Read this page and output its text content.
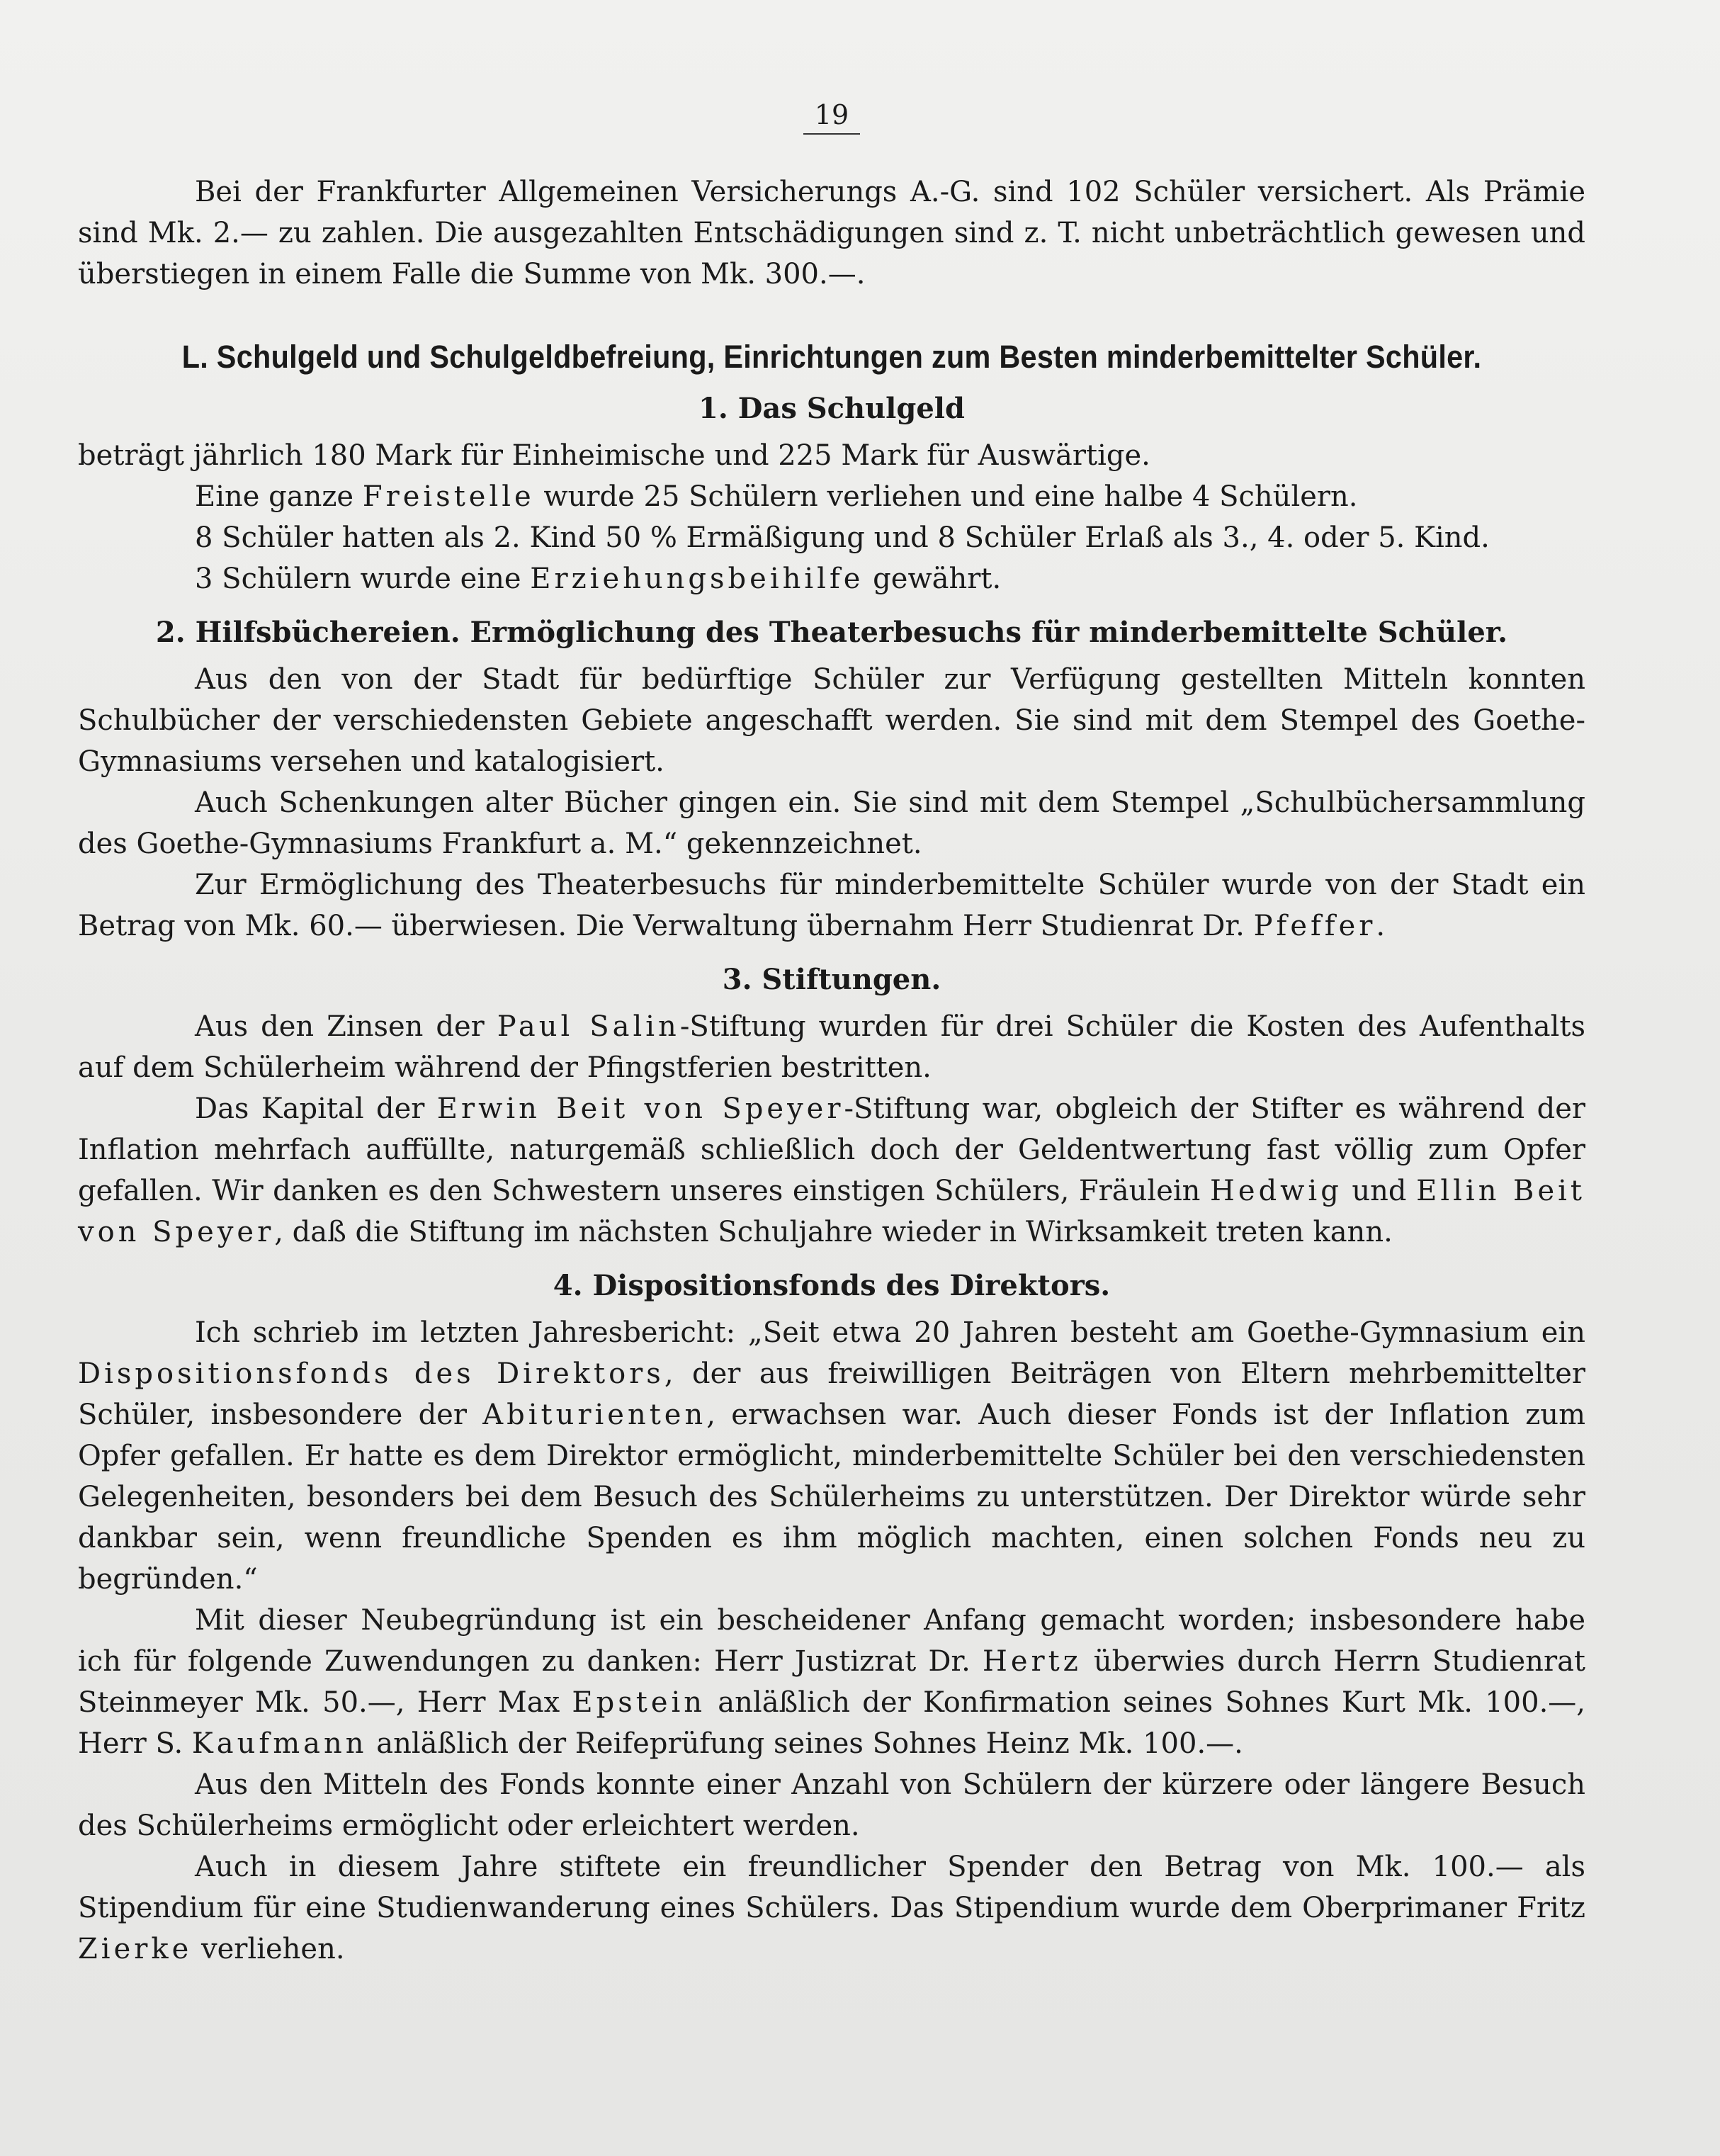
19

Bei der Frankfurter Allgemeinen Versicherungs A.-G. sind 102 Schüler versichert. Als Prämie sind Mk. 2.— zu zahlen. Die ausgezahlten Entschädigungen sind z. T. nicht unbeträchtlich gewesen und überstiegen in einem Falle die Summe von Mk. 300.—.

L. Schulgeld und Schulgeldbefreiung, Einrichtungen zum Besten minderbemittelter Schüler.
1. Das Schulgeld

beträgt jährlich 180 Mark für Einheimische und 225 Mark für Auswärtige.

Eine ganze Freistelle wurde 25 Schülern verliehen und eine halbe 4 Schülern.

8 Schüler hatten als 2. Kind 50 % Ermäßigung und 8 Schüler Erlaß als 3., 4. oder 5. Kind.

3 Schülern wurde eine Erziehungsbeihilfe gewährt.

2. Hilfsbüchereien. Ermöglichung des Theaterbesuchs für minderbemittelte Schüler.

Aus den von der Stadt für bedürftige Schüler zur Verfügung gestellten Mitteln konnten Schulbücher der verschiedensten Gebiete angeschafft werden. Sie sind mit dem Stempel des Goethe-Gymnasiums versehen und katalogisiert.

Auch Schenkungen alter Bücher gingen ein. Sie sind mit dem Stempel „Schulbüchersammlung des Goethe-Gymnasiums Frankfurt a. M.“ gekennzeichnet.

Zur Ermöglichung des Theaterbesuchs für minderbemittelte Schüler wurde von der Stadt ein Betrag von Mk. 60.— überwiesen. Die Verwaltung übernahm Herr Studienrat Dr. Pfeffer.

3. Stiftungen.

Aus den Zinsen der Paul Salin-Stiftung wurden für drei Schüler die Kosten des Aufenthalts auf dem Schülerheim während der Pfingstferien bestritten.

Das Kapital der Erwin Beit von Speyer-Stiftung war, obgleich der Stifter es während der Inflation mehrfach auffüllte, naturgemäß schließlich doch der Geldentwertung fast völlig zum Opfer gefallen. Wir danken es den Schwestern unseres einstigen Schülers, Fräulein Hedwig und Ellin Beit von Speyer, daß die Stiftung im nächsten Schuljahre wieder in Wirksamkeit treten kann.

4. Dispositionsfonds des Direktors.

Ich schrieb im letzten Jahresbericht: „Seit etwa 20 Jahren besteht am Goethe-Gymnasium ein Dispositionsfonds des Direktors, der aus freiwilligen Beiträgen von Eltern mehrbemittelter Schüler, insbesondere der Abiturienten, erwachsen war. Auch dieser Fonds ist der Inflation zum Opfer gefallen. Er hatte es dem Direktor ermöglicht, minderbemittelte Schüler bei den verschiedensten Gelegenheiten, besonders bei dem Besuch des Schülerheims zu unterstützen. Der Direktor würde sehr dankbar sein, wenn freundliche Spenden es ihm möglich machten, einen solchen Fonds neu zu begründen.“

Mit dieser Neubegründung ist ein bescheidener Anfang gemacht worden; insbesondere habe ich für folgende Zuwendungen zu danken: Herr Justizrat Dr. Hertz überwies durch Herrn Studienrat Steinmeyer Mk. 50.—, Herr Max Epstein anläßlich der Konfirmation seines Sohnes Kurt Mk. 100.—, Herr S. Kaufmann anläßlich der Reifeprüfung seines Sohnes Heinz Mk. 100.—.

Aus den Mitteln des Fonds konnte einer Anzahl von Schülern der kürzere oder längere Besuch des Schülerheims ermöglicht oder erleichtert werden.

Auch in diesem Jahre stiftete ein freundlicher Spender den Betrag von Mk. 100.— als Stipendium für eine Studienwanderung eines Schülers. Das Stipendium wurde dem Oberprimaner Fritz Zierke verliehen.
